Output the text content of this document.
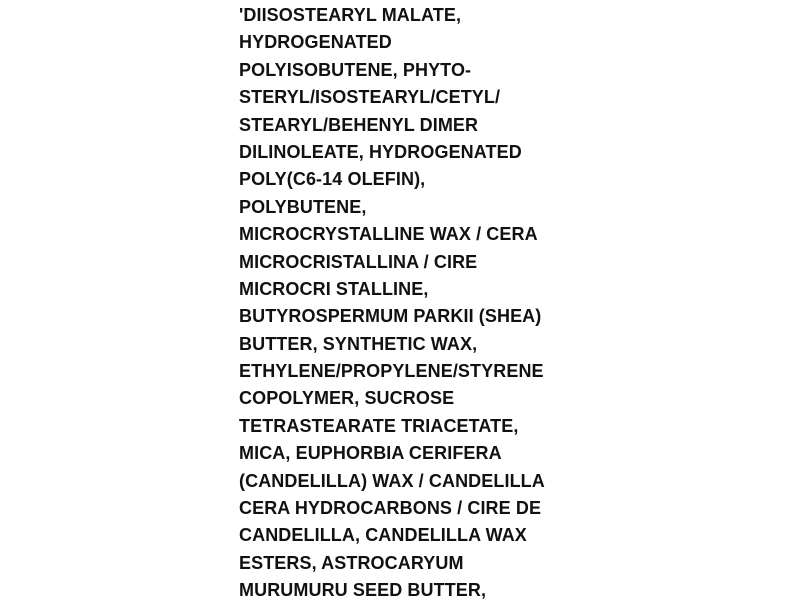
'DIISOSTEARYL MALATE,
HYDROGENATED
POLYISOBUTENE, PHYTO-
STERYL/ISOSTEARYL/CETYL/
STEARYL/BEHENYL DIMER
DILINOLEATE, HYDROGENATED
POLY(C6-14 OLEFIN),
POLYBUTENE,
MICROCRYSTALLINE WAX / CERA
MICROCRISTALLINA / CIRE
MICROCRI STALLINE,
BUTYROSPERMUM PARKII (SHEA)
BUTTER, SYNTHETIC WAX,
ETHYLENE/PROPYLENE/STYRENE
COPOLYMER, SUCROSE
TETRASTEARATE TRIACETATE,
MICA, EUPHORBIA CERIFERA
(CANDELILLA) WAX / CANDELILLA
CERA HYDROCARBONS / CIRE DE
CANDELILLA, CANDELILLA WAX
ESTERS, ASTROCARYUM
MURUMURU SEED BUTTER,
